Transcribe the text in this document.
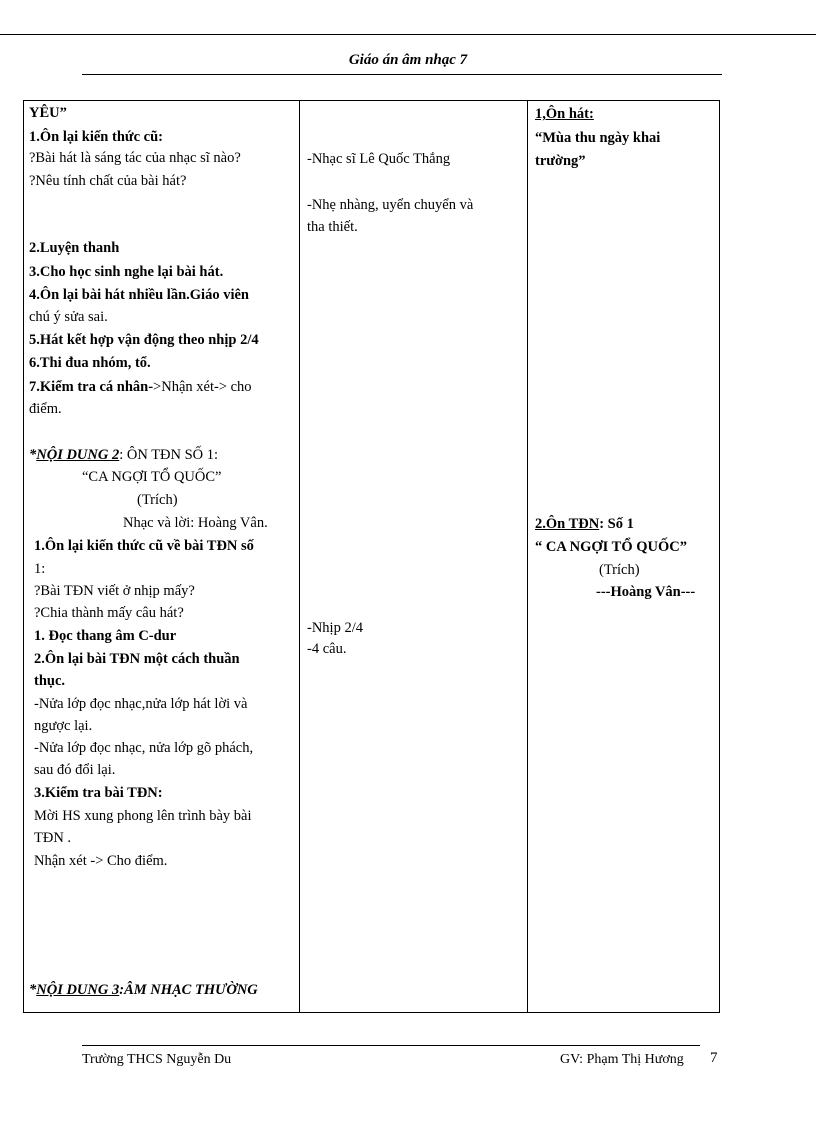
Giáo án âm nhạc 7
YÊU”
1.Ôn lại kiến thức cũ:
?Bài hát là sáng tác của nhạc sĩ nào?
?Nêu tính chất của bài hát?
2.Luyện thanh
3.Cho học sinh nghe lại bài hát.
4.Ôn lại bài hát nhiều lần.Giáo viên
chú ý sửa sai.
5.Hát kết hợp vận động theo nhịp 2/4
6.Thi đua nhóm, tổ.
7.Kiểm tra cá nhân->Nhận xét-> cho
điểm.
*NỘI DUNG 2: ÔN TĐN SỐ 1:
“CA NGỢI TỔ QUỐC”
(Trích)
Nhạc và lời: Hoàng Vân.
1.Ôn lại kiến thức cũ về bài TĐN số
1:
?Bài TĐN viết ở nhịp mấy?
?Chia thành mấy câu hát?
1. Đọc thang âm C-dur
2.Ôn lại bài TĐN một cách thuần
thục.
-Nửa lớp đọc nhạc,nửa lớp hát lời và
ngược lại.
-Nửa lớp đọc nhạc, nửa lớp gõ phách,
sau đó đổi lại.
3.Kiểm tra bài TĐN:
Mời HS xung phong lên trình bày bài
TĐN .
Nhận xét -> Cho điểm.
*NỘI DUNG 3:ÂM NHẠC THƯỜNG
-Nhạc sĩ Lê Quốc Thắng
-Nhẹ nhàng, uyển chuyển và
tha thiết.
-Nhịp 2/4
-4 câu.
1,Ôn hát:
“Mùa thu ngày khai
trường”
2.Ôn TĐN: Số 1
“ CA NGỢI TỔ QUỐC”
(Trích)
---Hoàng Vân---
Trường THCS Nguyễn Du	GV: Phạm Thị Hương 7
